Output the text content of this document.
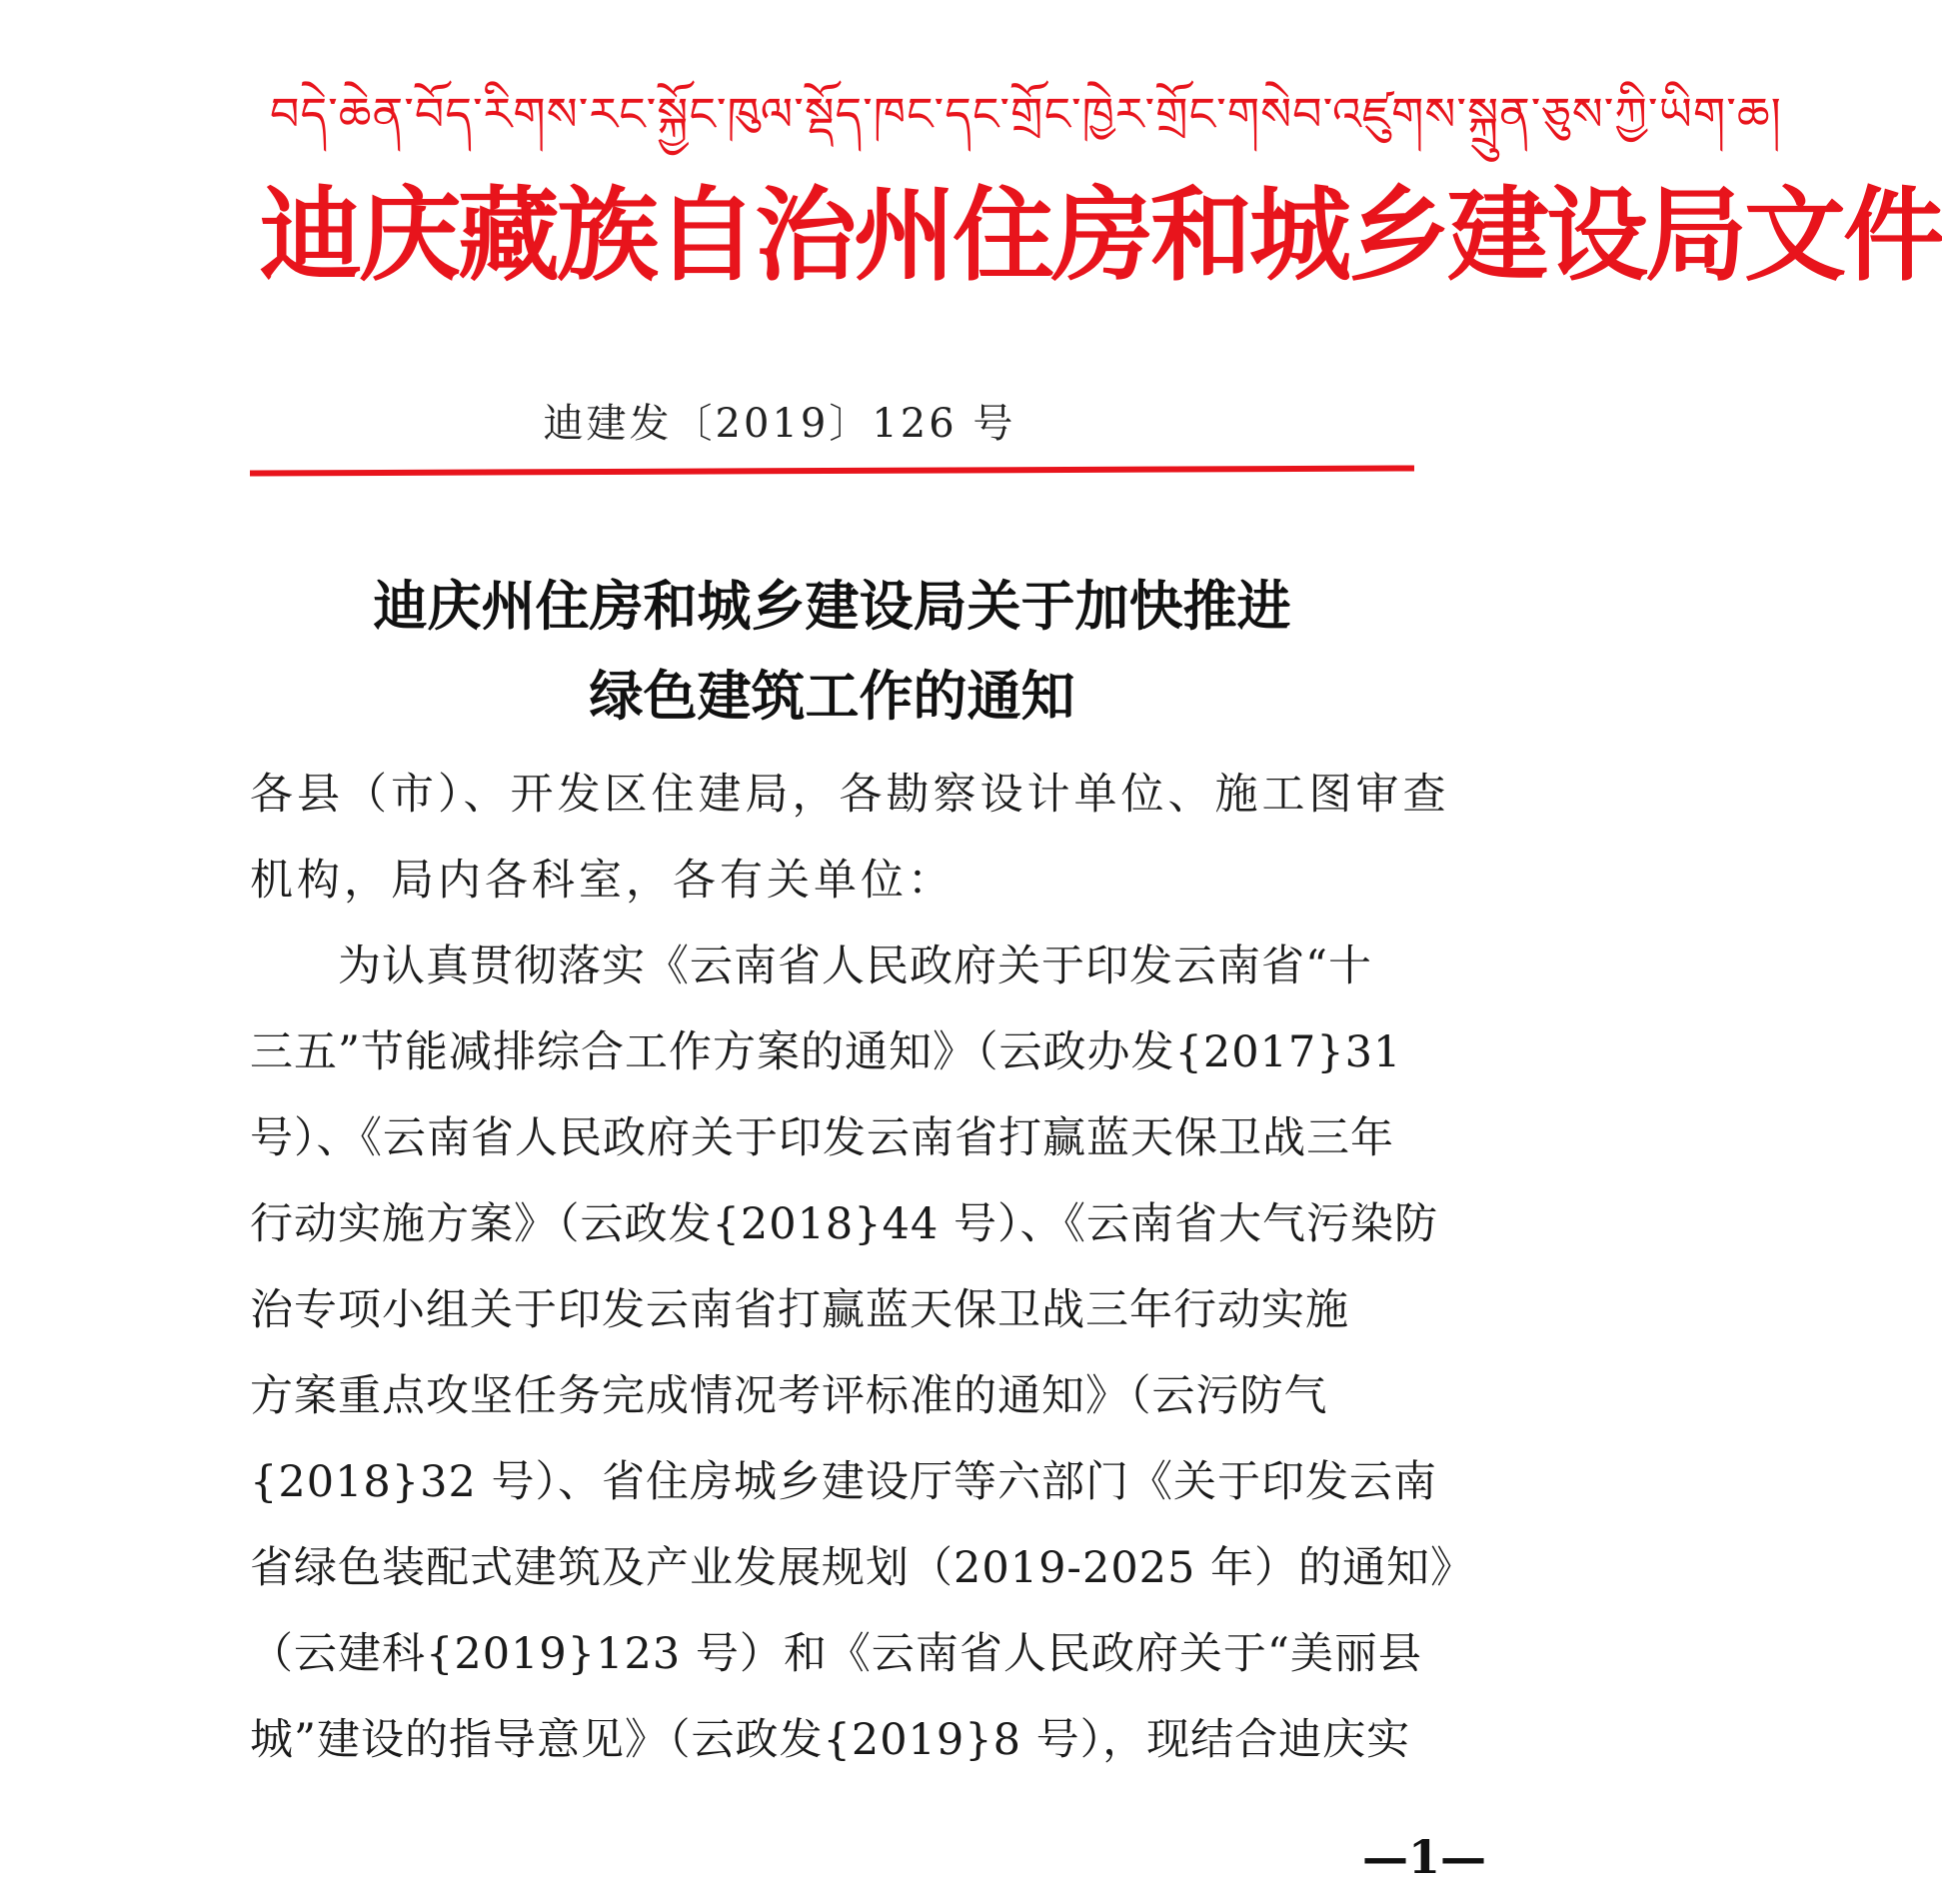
བདེ་ཆེན་བོད་རིགས་རང་སྐྱོང་ཁུལ་སྡོད་ཁང་དང་གྲོང་ཁྱེར་གྲོང་གསེབ་འཛུགས་སྐྲུན་ཅུས་ཀྱི་ཡིག་ཆ།
迪庆藏族自治州住房和城乡建设局文件
迪建发〔2019〕126 号
迪庆州住房和城乡建设局关于加快推进
绿色建筑工作的通知
各县（市）、开发区住建局，各勘察设计单位、施工图审查
机构，局内各科室，各有关单位：
　　为认真贯彻落实《云南省人民政府关于印发云南省“十
三五”节能减排综合工作方案的通知》（云政办发{2017}31
号）、《云南省人民政府关于印发云南省打赢蓝天保卫战三年
行动实施方案》（云政发{2018}44 号）、《云南省大气污染防
治专项小组关于印发云南省打赢蓝天保卫战三年行动实施
方案重点攻坚任务完成情况考评标准的通知》（云污防气
{2018}32 号）、省住房城乡建设厅等六部门《关于印发云南
省绿色装配式建筑及产业发展规划（2019-2025 年）的通知》
（云建科{2019}123 号）和《云南省人民政府关于“美丽县
城”建设的指导意见》（云政发{2019}8 号），现结合迪庆实
—1—
